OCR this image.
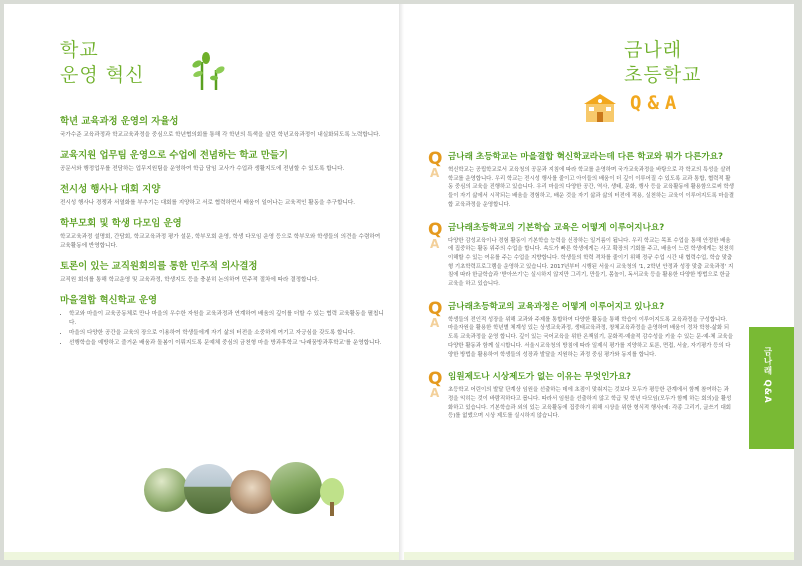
학교
운영 혁신
학년 교육과정 운영의 자율성

국가수준 교육과정과 학교교육과정을 중심으로 학년협의회를 통해 각 학년의 특색을 살린 학년교육과정이 내실화되도록 노력합니다.

교육지원 업무팀 운영으로 수업에 전념하는 학교 만들기

공문서와 행정업무를 전담하는 업무지원팀을 운영하여 학급 담임 교사가 수업과 생활지도에 전념할 수 있도록 합니다.

전시성 행사나 대회 지양

전시성 행사나 경쟁과 서열화를 부추기는 대회를 지양하고 서로 협력하면서 배움이 일어나는 교육적인 활동을 추구합니다.

학부모회 및 학생 다모임 운영

학교교육과정 설명회, 간담회, 학교교육과정 평가 설문, 학부모회 운영, 학생 다모임 운영 등으로 학부모와 학생들의 의견을 수렴하여 교육활동에 반영합니다.

토론이 있는 교직원회의를 통한 민주적 의사결정

교직원 회의를 통해 학교운영 및 교육과정, 학생지도 등을 충분히 논의하여 민주적 절차에 따라 결정합니다.

마을결합 혁신학교 운영
• 학교와 마을이 교육공동체로 만나 마을의 우수한 자원을 교육과정과 연계하여 배움의 깊이를 더할 수 있는 협력 교육활동을 펼칩니다.
• 마을의 다양한 공간을 교육의 장으로 이용하여 학생들에게 자기 삶의 터전을 소중하게 여기고 자긍심을 갖도록 합니다.
• 선행학습을 예방하고 즐거운 배움과 돌봄이 이뤄지도록 문예체 중심의 금천형 마을 방과후학교 '나래꿈방과후학교'를 운영합니다.
금나래
초등학교
Q&A
Q
A
금나래 초등학교는 마을결합 혁신학교라는데 다른 학교와 뭐가 다른가요?

혁신학교는 공립학교로서 교육청의 공문과 지침에 따라 학교를 운영하며 국가교육과정을 바탕으로 각 학교의 특성을 살려 학교를 운영합니다. 우리 학교는 전시성 행사를 줄이고 아이들의 배움이 더 깊이 이루어질 수 있도록 교과 통합, 협력적 활동 중심의 교육을 진행하고 있습니다. 우리 마을의 다양한 공간, 역사, 생태, 문화, 행사 등을 교육활동에 활용함으로써 학생들이 자기 삶에서 시작되는 배움을 경험하고, 배운 것을 자기 삶과 삶의 터전에 적용, 실천하는 교육이 이루어지도록 마을결합 교육과정을 운영합니다.

Q
A
금나래초등학교의 기본학습 교육은 어떻게 이루어지나요?

다양한 감성교육이나 경험 활동이 기본학습 능력을 신장하는 일거름이 됩니다. 우리 학교는 목표 수업을 통해 안정한 배움에 집중하는 활동 위주의 수업을 합니다. 속도가 빠른 학생에게는 사고 확장의 기회를 주고, 배움이 느린 학생에게는 천천히 이해할 수 있는 여유를 주는 수업을 지향합니다. 학생들의 학력 격차를 줄이기 위해 정규 수업 시간 내 협력수업, 학습 맞춤형 기초학력프로그램을 운영하고 있습니다. 2017년부터 시행된 서울시 교육청의 '1, 2학년 안정과 성장 맞춤 교육과정' 지침에 따라 한글학습과 '받아쓰기'는 실시하지 않지만 그리기, 만들기, 몸놀이, 독서교육 등을 활용한 다양한 방법으로 한글교육을 하고 있습니다.

Q
A
금나래초등학교의 교육과정은 어떻게 이루어지고 있나요?

학생들의 전인적 성장을 위해 교과와 주제를 통합하여 다양한 활동을 통해 학습이 이루어지도록 교육과정을 구성합니다. 마을자원을 활용한 학년별 체계성 있는 상생교육과정, 생태교육과정, 창체교육과정을 운영하며 배움이 정차 학창-삶화 되도록 교육과정을 운영 합니다. 깊이 있는 국어교육을 위한 온책읽기, 문화적-예술적 감수성을 키울 수 있는 문-예-체 교육을 다양한 활동과 함께 실시합니다. 서울시교육청의 방침에 따라 일제식 평가를 지양하고 토론, 면접, 서술, 자기평가 등의 다양한 방법을 활용하여 학생들의 성장과 발달을 지원하는 과정 중심 평가와 동지를 합니다.

Q
A
임원제도나 시상제도가 없는 이유는 무엇인가요?

초등학교 어린이의 발달 단계상 임원을 선출하는 데에 초점이 맞춰지는 것보다 모두가 평등한 관계에서 함께 참여하는 과정을 익히는 것이 바람직하다고 봅니다. 따라서 임원을 선출하지 않고 학급 및 학년 다모임(모두가 함께 하는 회의)을 활성화하고 있습니다. 기본학습과 외의 있는 교육활동에 집중하기 위해 시상을 위한 형식적 행사(예: 각종 그리기, 글쓰기 대회 등)를 없앴으며 시상 제도를 실시하지 않습니다.

금나래 Q&A
